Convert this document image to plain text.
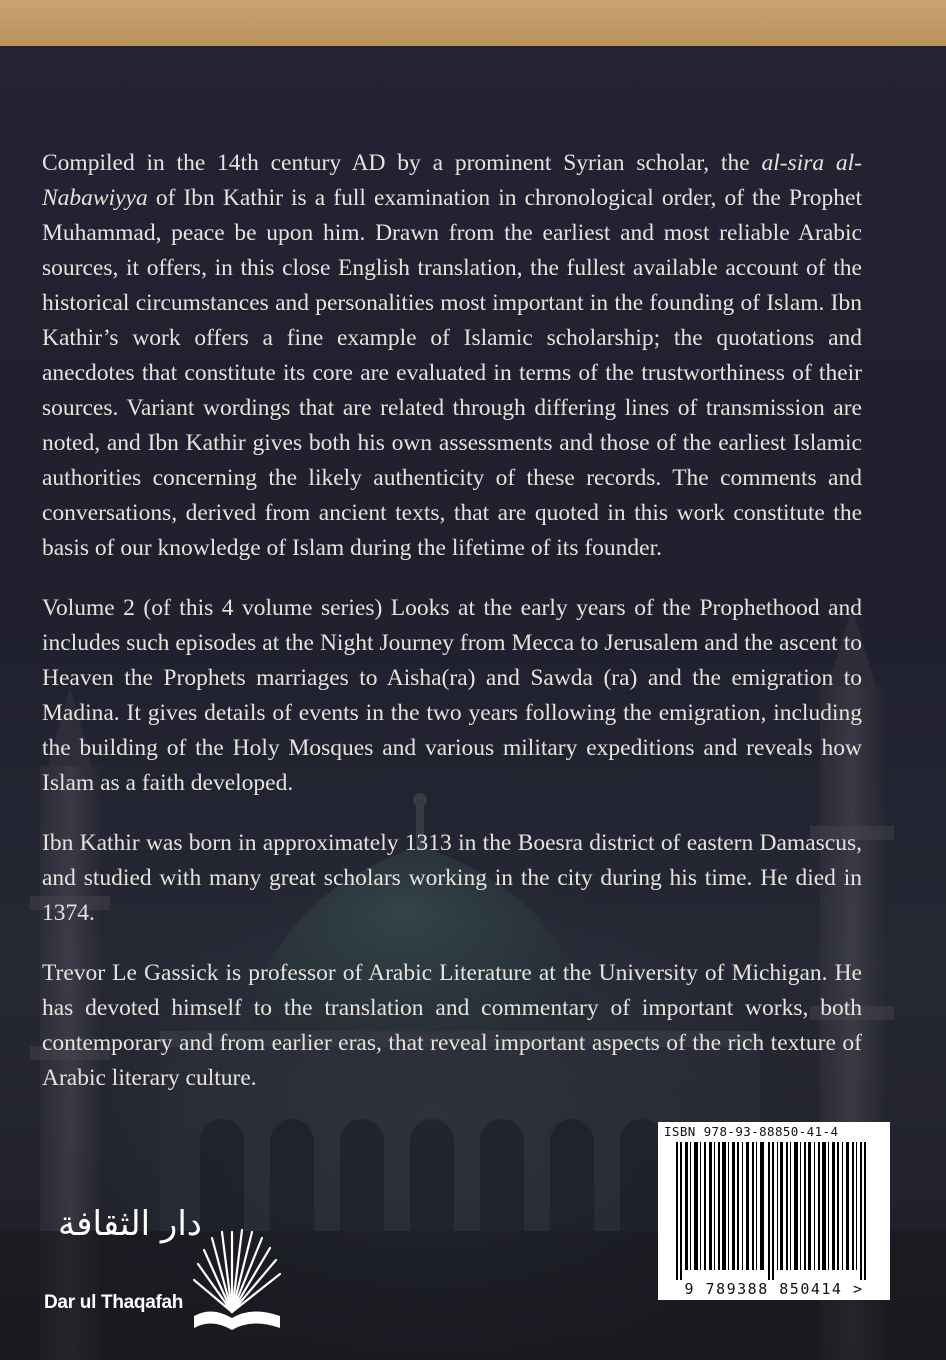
Compiled in the 14th century AD by a prominent Syrian scholar, the al-sira al-Nabawiyya of Ibn Kathir is a full examination in chronological order, of the Prophet Muhammad, peace be upon him. Drawn from the earliest and most reliable Arabic sources, it offers, in this close English translation, the fullest available account of the historical circumstances and personalities most important in the founding of Islam. Ibn Kathir’s work offers a fine example of Islamic scholarship; the quotations and anecdotes that constitute its core are evaluated in terms of the trustworthiness of their sources. Variant wordings that are related through differing lines of transmission are noted, and Ibn Kathir gives both his own assessments and those of the earliest Islamic authorities concerning the likely authenticity of these records. The comments and conversations, derived from ancient texts, that are quoted in this work constitute the basis of our knowledge of Islam during the lifetime of its founder.

Volume 2 (of this 4 volume series) Looks at the early years of the Prophethood and includes such episodes at the Night Journey from Mecca to Jerusalem and the ascent to Heaven the Prophets marriages to Aisha(ra) and Sawda (ra) and the emigration to Madina. It gives details of events in the two years following the emigration, including the building of the Holy Mosques and various military expeditions and reveals how Islam as a faith developed.

Ibn Kathir was born in approximately 1313 in the Boesra district of eastern Damascus, and studied with many great scholars working in the city during his time. He died in 1374.

Trevor Le Gassick is professor of Arabic Literature at the University of Michigan. He has devoted himself to the translation and commentary of important works, both contemporary and from earlier eras, that reveal important aspects of the rich texture of Arabic literary culture.

دار الثقافة
Dar ul Thaqafah
ISBN 978-93-88850-41-4
9 789388 850414 >
